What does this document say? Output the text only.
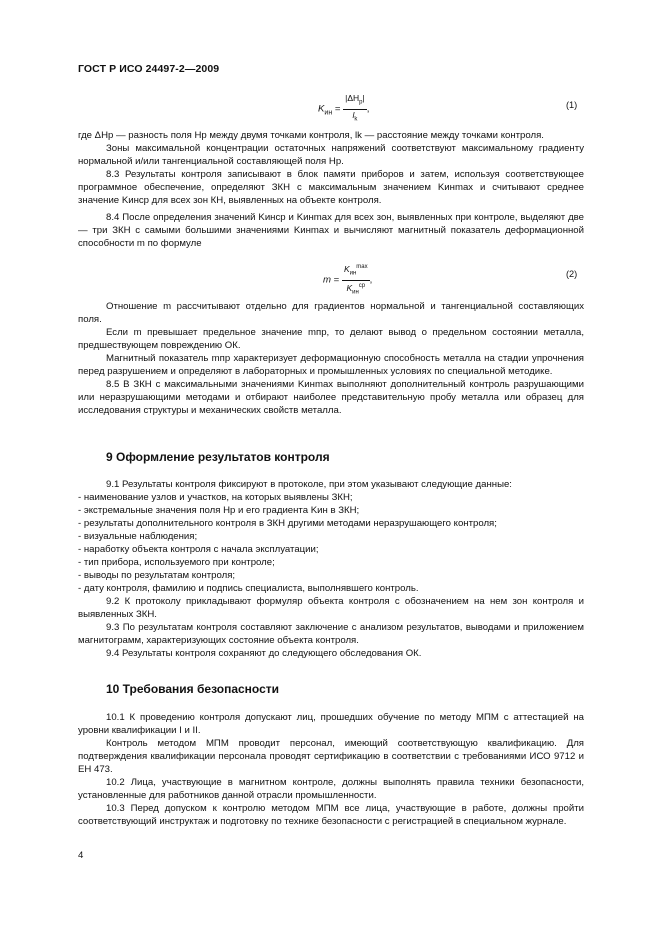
ГОСТ Р ИСО 24497-2—2009
$K_{ин} = \frac{|\Delta H_p|}{l_k}$ ,	(1)

где ΔHp — разность поля Hp между двумя точками контроля, lk — расстояние между точками контроля.

Зоны максимальной концентрации остаточных напряжений соответствуют максимальному градиенту нормальной и/или тангенциальной составляющей поля Hp.

8.3 Результаты контроля записывают в блок памяти приборов и затем, используя соответствующее программное обеспечение, определяют ЗКН с максимальным значением Kинmax и считывают среднее значение Kинср для всех зон КН, выявленных на объекте контроля.

8.4 После определения значений Kинср и Kинmax для всех зон, выявленных при контроле, выделяют две — три ЗКН с самыми большими значениями Kинmax и вычисляют магнитный показатель деформационной способности m по формуле

$m = \frac{K_{ин}^{max}}{K_{ин}^{ср}}$ ,
(2)

Отношение m рассчитывают отдельно для градиентов нормальной и тангенциальной составляющих поля.

Если m превышает предельное значение mпр, то делают вывод о предельном состоянии металла, предшествующем повреждению ОК.

Магнитный показатель mпр характеризует деформационную способность металла на стадии упрочнения перед разрушением и определяют в лабораторных и промышленных условиях по специальной методике.

8.5 В ЗКН с максимальными значениями Kинmax выполняют дополнительный контроль разрушающими или неразрушающими методами и отбирают наиболее представительную пробу металла или образец для исследования структуры и механических свойств металла.

9 Оформление результатов контроля

9.1 Результаты контроля фиксируют в протоколе, при этом указывают следующие данные:

- наименование узлов и участков, на которых выявлены ЗКН;

- экстремальные значения поля Hp и его градиента Kин в ЗКН;

- результаты дополнительного контроля в ЗКН другими методами неразрушающего контроля;

- визуальные наблюдения;

- наработку объекта контроля с начала эксплуатации;

- тип прибора, используемого при контроле;

- выводы по результатам контроля;

- дату контроля, фамилию и подпись специалиста, выполнявшего контроль.

9.2 К протоколу прикладывают формуляр объекта контроля с обозначением на нем зон контроля и выявленных ЗКН.

9.3 По результатам контроля составляют заключение с анализом результатов, выводами и приложением магнитограмм, характеризующих состояние объекта контроля.

9.4 Результаты контроля сохраняют до следующего обследования ОК.

10 Требования безопасности

10.1 К проведению контроля допускают лиц, прошедших обучение по методу МПМ с аттестацией на уровни квалификации I и II.

Контроль методом МПМ проводит персонал, имеющий соответствующую квалификацию. Для подтверждения квалификации персонала проводят сертификацию в соответствии с требованиями ИСО 9712 и ЕН 473.

10.2 Лица, участвующие в магнитном контроле, должны выполнять правила техники безопасности, установленные для работников данной отрасли промышленности.

10.3 Перед допуском к контролю методом МПМ все лица, участвующие в работе, должны пройти соответствующий инструктаж и подготовку по технике безопасности с регистрацией в специальном журнале.

4
